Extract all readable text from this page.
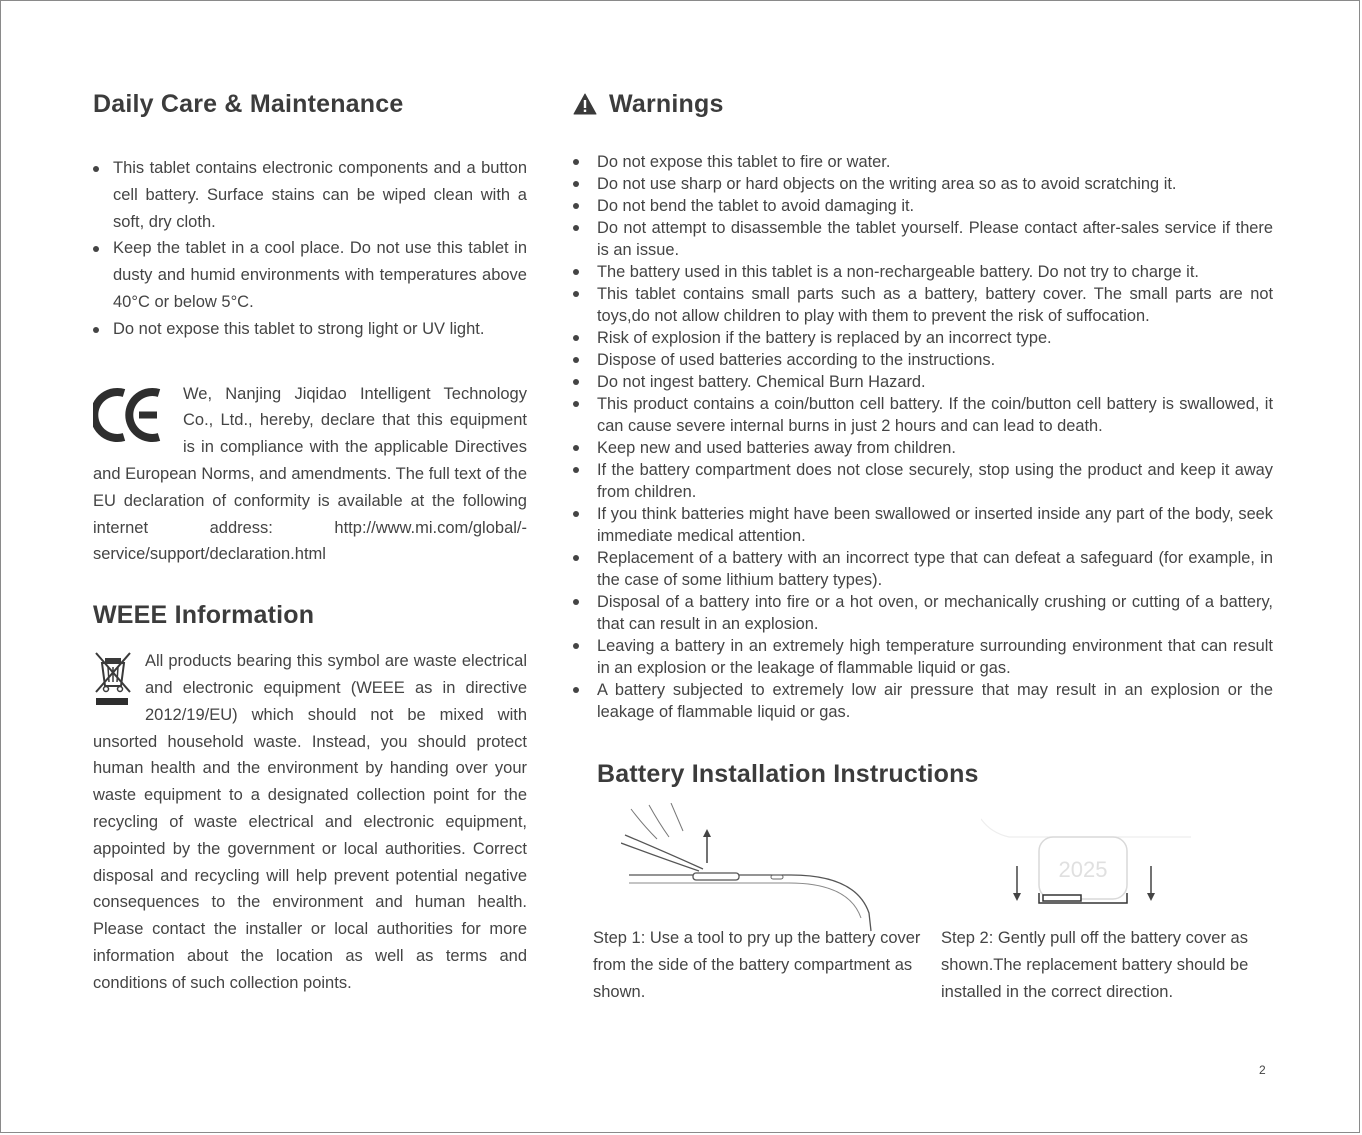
Daily Care & Maintenance
This tablet contains electronic components and a button cell battery. Surface stains can be wiped clean with a soft, dry cloth.
Keep the tablet in a cool place. Do not use this tablet in dusty and humid environments with temperatures above 40°C or below 5°C.
Do not expose this tablet to strong light or UV light.
We, Nanjing Jiqidao Intelligent Technology Co., Ltd., hereby, declare that this equipment is in compliance with the applicable Directives and European Norms, and amendments. The full text of the EU declaration of conformity is available at the following internet address: http://www.mi.com/global/-service/support/declaration.html
WEEE Information
All products bearing this symbol are waste electrical and electronic equipment (WEEE as in directive 2012/19/EU) which should not be mixed with unsorted household waste. Instead, you should protect human health and the environment by handing over your waste equipment to a designated collection point for the recycling of waste electrical and electronic equipment, appointed by the government or local authorities. Correct disposal and recycling will help prevent potential negative consequences to the environment and human health. Please contact the installer or local authorities for more information about the location as well as terms and conditions of such collection points.
Warnings
Do not expose this tablet to fire or water.
Do not use sharp or hard objects on the writing area so as to avoid scratching it.
Do not bend the tablet to avoid damaging it.
Do not attempt to disassemble the tablet yourself. Please contact after-sales service if there is an issue.
The battery used in this tablet is a non-rechargeable battery. Do not try to charge it.
This tablet contains small parts such as a battery, battery cover. The small parts are not toys,do not allow children to play with them to prevent the risk of suffocation.
Risk of explosion if the battery is replaced by an incorrect type.
Dispose of used batteries according to the instructions.
Do not ingest battery. Chemical Burn Hazard.
This product contains a coin/button cell battery. If the coin/button cell battery is swallowed, it can cause severe internal burns in just 2 hours and can lead to death.
Keep new and used batteries away from children.
If the battery compartment does not close securely, stop using the product and keep it away from children.
If you think batteries might have been swallowed or inserted inside any part of the body, seek immediate medical attention.
Replacement of a battery with an incorrect type that can defeat a safeguard (for example, in the case of some lithium battery types).
Disposal of a battery into fire or a hot oven, or mechanically crushing or cutting of a battery, that can result in an explosion.
Leaving a battery in an extremely high temperature surrounding environment that can result in an explosion or the leakage of flammable liquid or gas.
A battery subjected to extremely low air pressure that may result in an explosion or the leakage of flammable liquid or gas.
Battery Installation Instructions
2025
Step 1: Use a tool to pry up the battery cover from the side of the battery compartment as shown.
Step 2: Gently pull off the battery cover as shown.The replacement battery should be installed in the correct direction.
2
